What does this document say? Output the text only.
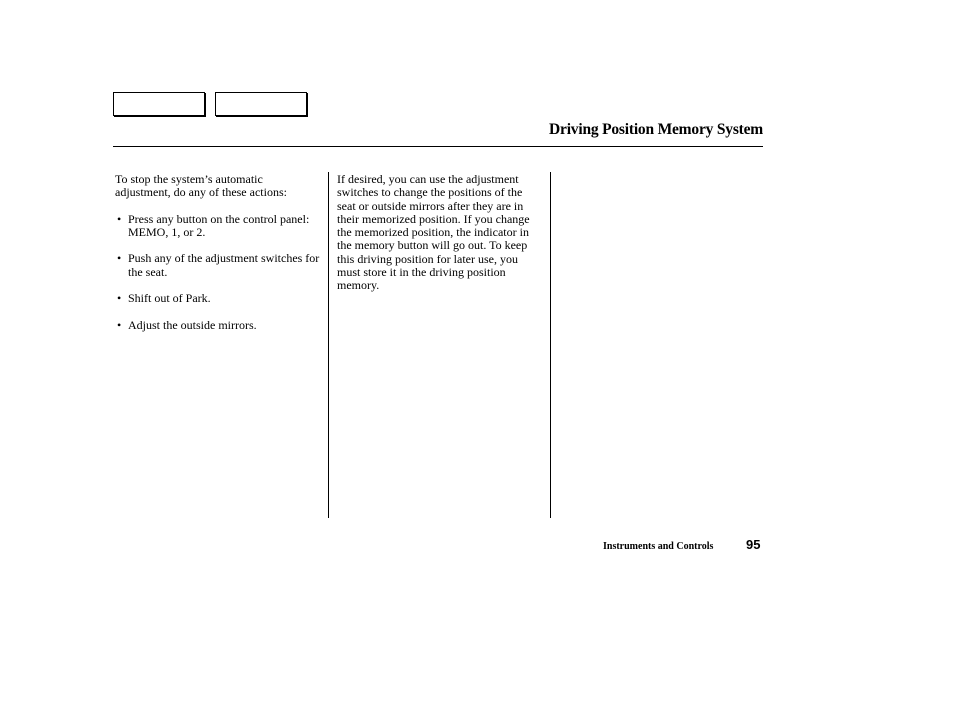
Driving Position Memory System

To stop the system’s automatic adjustment, do any of these actions:

• Press any button on the control panel: MEMO, 1, or 2.
• Push any of the adjustment switches for the seat.
• Shift out of Park.
• Adjust the outside mirrors.

If desired, you can use the adjustment switches to change the positions of the seat or outside mirrors after they are in their memorized position. If you change the memorized position, the indicator in the memory button will go out. To keep this driving position for later use, you must store it in the driving position memory.

Instruments and Controls	95
